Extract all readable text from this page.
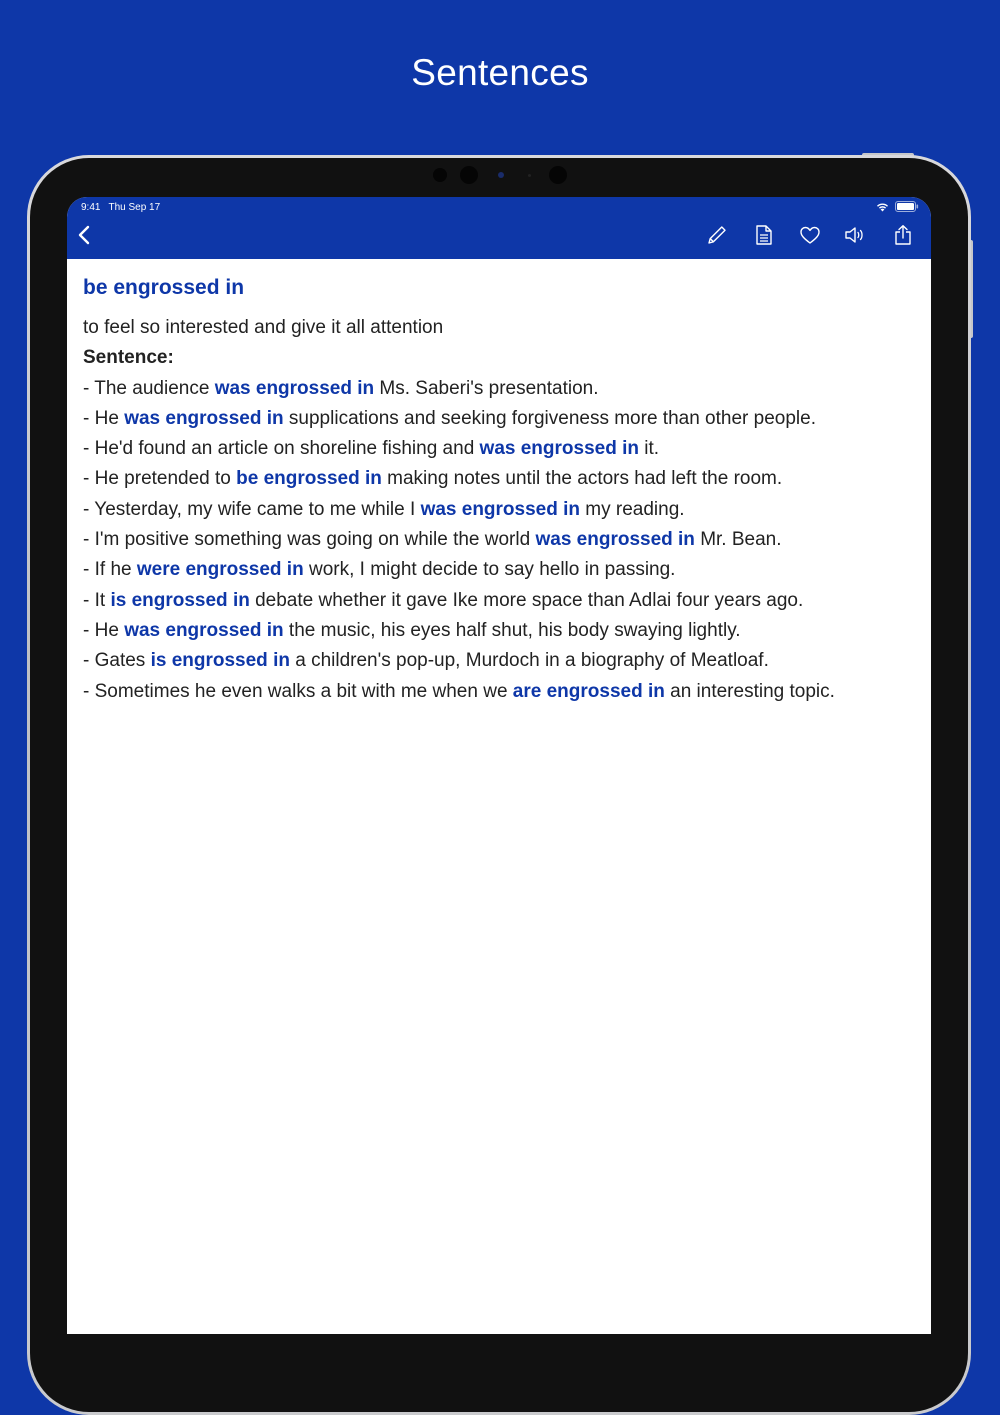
Sentences
9:41 Thu Sep 17
be engrossed in
to feel so interested and give it all attention
Sentence:
- The audience was engrossed in Ms. Saberi's presentation.
- He was engrossed in supplications and seeking forgiveness more than other people.
- He'd found an article on shoreline fishing and was engrossed in it.
- He pretended to be engrossed in making notes until the actors had left the room.
- Yesterday, my wife came to me while I was engrossed in my reading.
- I'm positive something was going on while the world was engrossed in Mr. Bean.
- If he were engrossed in work, I might decide to say hello in passing.
- It is engrossed in debate whether it gave Ike more space than Adlai four years ago.
- He was engrossed in the music, his eyes half shut, his body swaying lightly.
- Gates is engrossed in a children's pop-up, Murdoch in a biography of Meatloaf.
- Sometimes he even walks a bit with me when we are engrossed in an interesting topic.
